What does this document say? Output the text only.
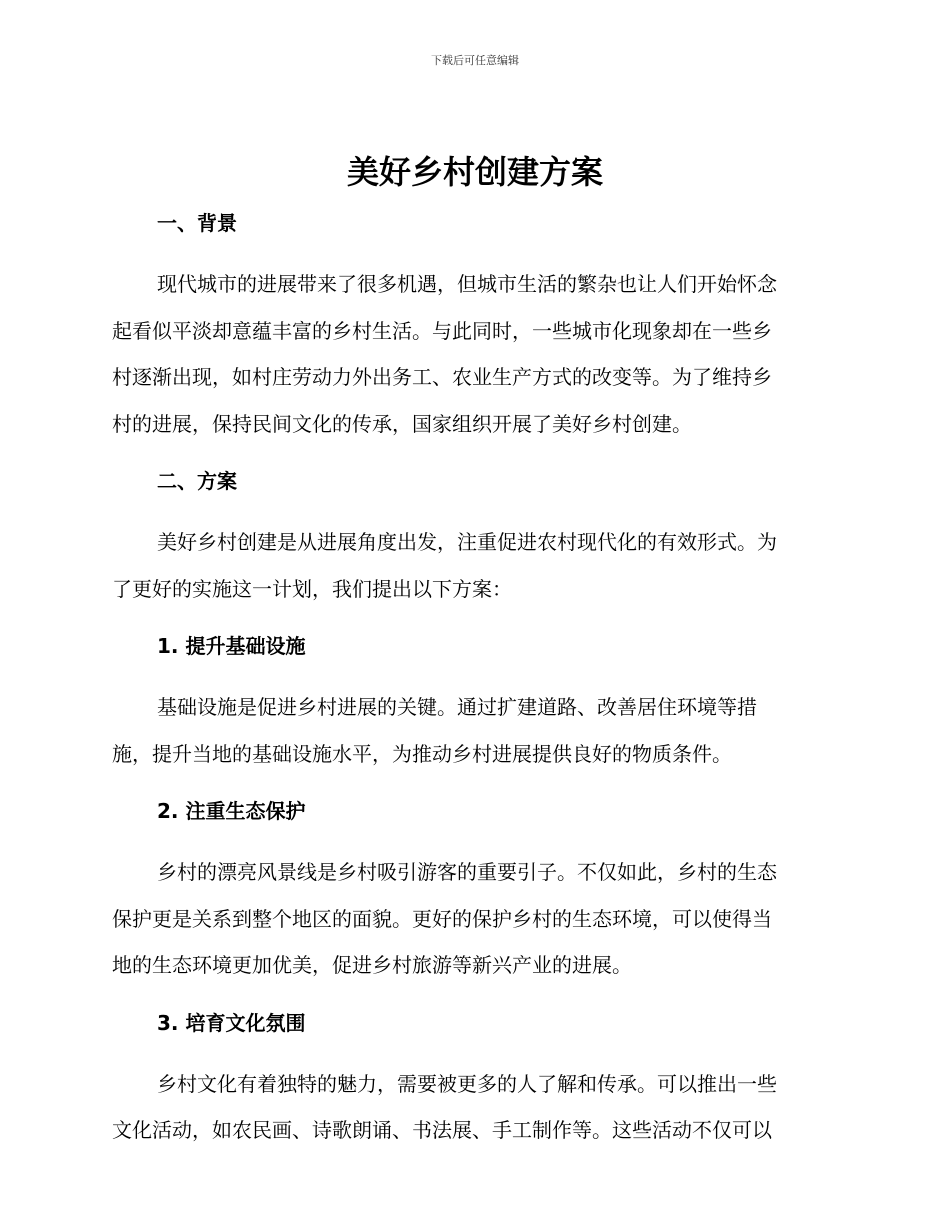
下载后可任意编辑
美好乡村创建方案
一、背景
现代城市的进展带来了很多机遇，但城市生活的繁杂也让人们开始怀念
起看似平淡却意蕴丰富的乡村生活。与此同时，一些城市化现象却在一些乡
村逐渐出现，如村庄劳动力外出务工、农业生产方式的改变等。为了维持乡
村的进展，保持民间文化的传承，国家组织开展了美好乡村创建。
二、方案
美好乡村创建是从进展角度出发，注重促进农村现代化的有效形式。为
了更好的实施这一计划，我们提出以下方案：
1. 提升基础设施
基础设施是促进乡村进展的关键。通过扩建道路、改善居住环境等措
施，提升当地的基础设施水平，为推动乡村进展提供良好的物质条件。
2. 注重生态保护
乡村的漂亮风景线是乡村吸引游客的重要引子。不仅如此，乡村的生态
保护更是关系到整个地区的面貌。更好的保护乡村的生态环境，可以使得当
地的生态环境更加优美，促进乡村旅游等新兴产业的进展。
3. 培育文化氛围
乡村文化有着独特的魅力，需要被更多的人了解和传承。可以推出一些
文化活动，如农民画、诗歌朗诵、书法展、手工制作等。这些活动不仅可以
